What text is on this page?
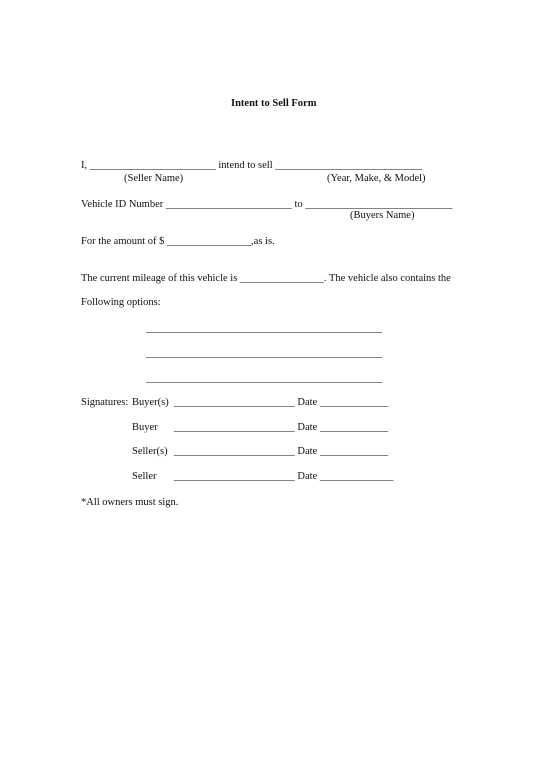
Intent to Sell Form
I, ________________________ intend to sell ____________________________
(Seller Name)	(Year, Make, & Model)
Vehicle ID Number ________________________ to ____________________________
(Buyers Name)
For the amount of $ ________________,as is.
The current mileage of this vehicle is ________________. The vehicle also contains the
Following options:
_____________________________________________
_____________________________________________
_____________________________________________
Signatures: Buyer(s) _______________________ Date _____________
Buyer _______________________ Date _____________
Seller(s) _______________________ Date _____________
Seller _______________________ Date ______________
*All owners must sign.
